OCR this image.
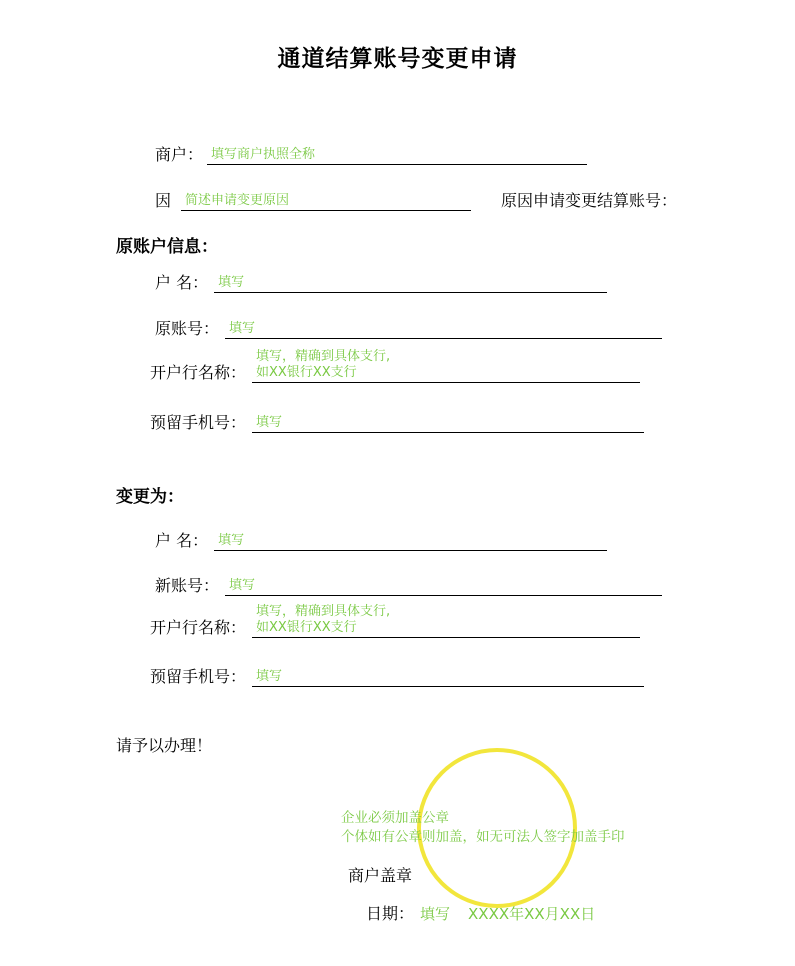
通道结算账号变更申请
商户： 填写商户执照全称
因 简述申请变更原因	原因申请变更结算账号：
原账户信息：
户 名： 填写
原账号： 填写
开户行名称：
填写，精确到具体支行,
如XX银行XX支行
预留手机号： 填写
变更为：
户 名： 填写
新账号： 填写
开户行名称：
填写，精确到具体支行,
如XX银行XX支行
预留手机号： 填写
请予以办理！
企业必须加盖公章
个体如有公章则加盖，如无可法人签字加盖手印
商户盖章
日期： 填写 XXXX年XX月XX日
